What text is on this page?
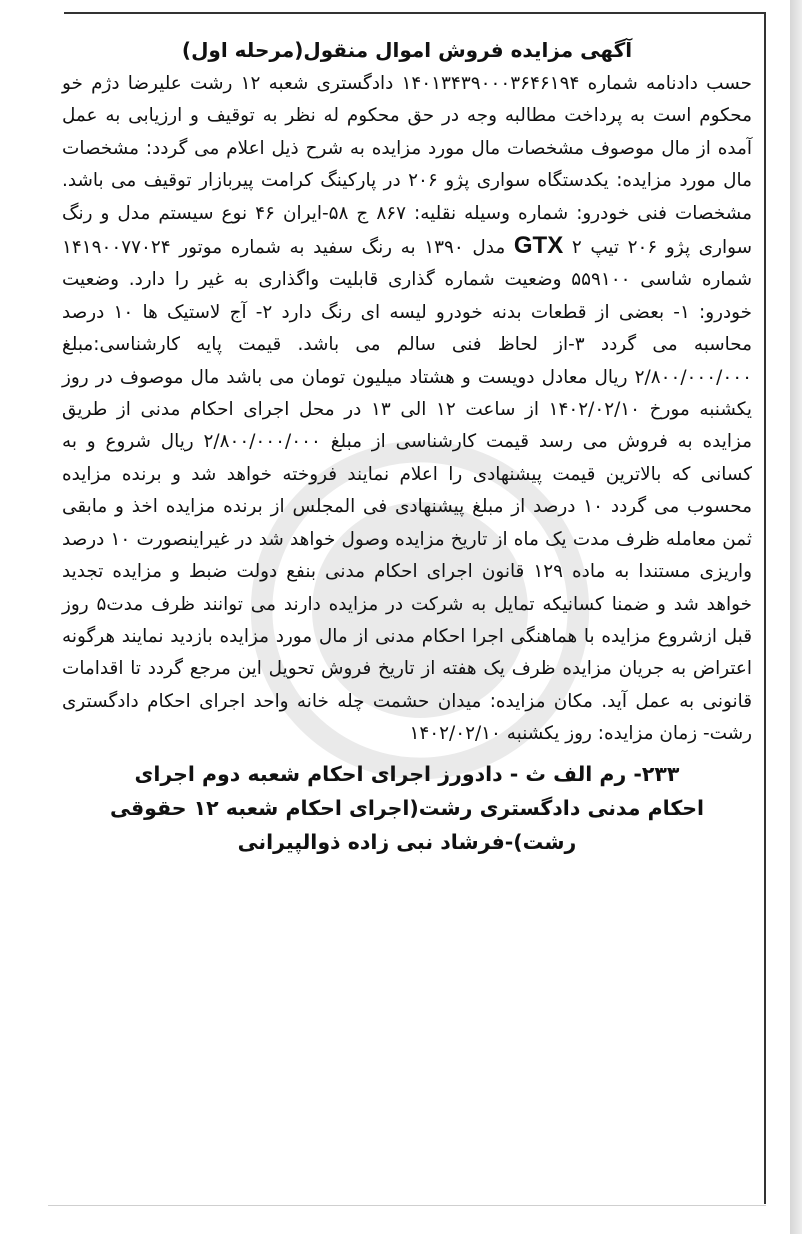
آگهی مزایده فروش اموال منقول(مرحله اول)

حسب دادنامه شماره ۱۴۰۱۳۴۳۹۰۰۰۳۶۴۶۱۹۴ دادگستری شعبه ۱۲ رشت علیرضا دژم خو محکوم است به پرداخت مطالبه وجه در حق محکوم له نظر به توقیف و ارزیابی به عمل آمده از مال موصوف مشخصات مال مورد مزایده به شرح ذیل اعلام می گردد: مشخصات مال مورد مزایده: یکدستگاه سواری پژو ۲۰۶ در پارکینگ کرامت پیربازار توقیف می باشد. مشخصات فنی خودرو: شماره وسیله نقلیه: ۸۶۷ ج ۵۸-ایران ۴۶ نوع سیستم مدل و رنگ سواری پژو ۲۰۶ تیپ ۲ GTX مدل ۱۳۹۰ به رنگ سفید به شماره موتور ۱۴۱۹۰۰۷۷۰۲۴ شماره شاسی ۵۵۹۱۰۰ وضعیت شماره گذاری قابلیت واگذاری به غیر را دارد. وضعیت خودرو: ۱- بعضی از قطعات بدنه خودرو لیسه ای رنگ دارد ۲- آج لاستیک ها ۱۰ درصد محاسبه می گردد ۳-از لحاظ فنی سالم می باشد. قیمت پایه کارشناسی:مبلغ ۲/۸۰۰/۰۰۰/۰۰۰ ریال معادل دویست و هشتاد میلیون تومان می باشد مال موصوف در روز یکشنبه مورخ ۱۴۰۲/۰۲/۱۰ از ساعت ۱۲ الی ۱۳ در محل اجرای احکام مدنی از طریق مزایده به فروش می رسد قیمت کارشناسی از مبلغ ۲/۸۰۰/۰۰۰/۰۰۰ ریال شروع و به کسانی که بالاترین قیمت پیشنهادی را اعلام نمایند فروخته خواهد شد و برنده مزایده محسوب می گردد ۱۰ درصد از مبلغ پیشنهادی فی المجلس از برنده مزایده اخذ و مابقی ثمن معامله ظرف مدت یک ماه از تاریخ مزایده وصول خواهد شد در غیراینصورت ۱۰ درصد واریزی مستندا به ماده ۱۲۹ قانون اجرای احکام مدنی بنفع دولت ضبط و مزایده تجدید خواهد شد و ضمنا کسانیکه تمایل به شرکت در مزایده دارند می توانند ظرف مدت۵ روز قبل ازشروع مزایده با هماهنگی اجرا احکام مدنی از مال مورد مزایده بازدید نمایند هرگونه اعتراض به جریان مزایده ظرف یک هفته از تاریخ فروش تحویل این مرجع گردد تا اقدامات قانونی به عمل آید. مکان مزایده: میدان حشمت چله خانه واحد اجرای احکام دادگستری رشت- زمان مزایده: روز یکشنبه ۱۴۰۲/۰۲/۱۰

۲۳۳- رم الف ث - دادورز اجرای احکام شعبه دوم اجرای
احکام مدنی دادگستری رشت(اجرای احکام شعبه ۱۲ حقوقی
رشت)-فرشاد نبی زاده ذوالپیرانی
